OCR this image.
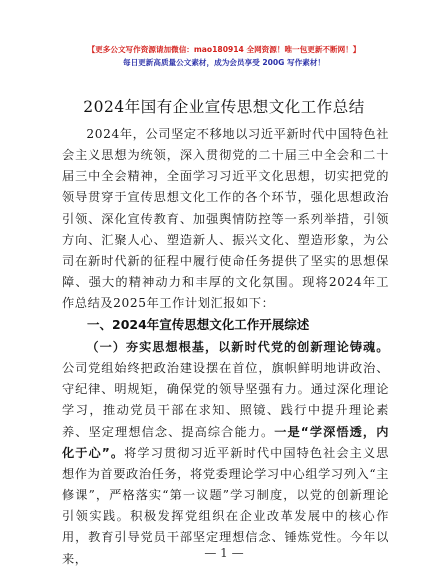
【更多公文写作资源请加微信：mao180914 全网资源！唯一包更新不断网！】
每日更新高质量公文素材，成为会员享受 200G 写作素材！
2024年国有企业宣传思想文化工作总结

2024年，公司坚定不移地以习近平新时代中国特色社会主义思想为统领，深入贯彻党的二十届三中全会和二十届三中全会精神，全面学习习近平文化思想，切实把党的领导贯穿于宣传思想文化工作的各个环节，强化思想政治引领、深化宣传教育、加强舆情防控等一系列举措，引领方向、汇聚人心、塑造新人、振兴文化、塑造形象，为公司在新时代新的征程中履行使命任务提供了坚实的思想保障、强大的精神动力和丰厚的文化氛围。现将2024年工作总结及2025年工作计划汇报如下：

一、2024年宣传思想文化工作开展综述

（一）夯实思想根基，以新时代党的创新理论铸魂。公司党组始终把政治建设摆在首位，旗帜鲜明地讲政治、守纪律、明规矩，确保党的领导坚强有力。通过深化理论学习，推动党员干部在求知、照镜、践行中提升理论素养、坚定理想信念、提高综合能力。一是“学深悟透，内化于心”。将学习贯彻习近平新时代中国特色社会主义思想作为首要政治任务，将党委理论学习中心组学习列入“主修课”，严格落实“第一议题”学习制度，以党的创新理论引领实践。积极发挥党组织在企业改革发展中的核心作用，教育引导党员干部坚定理想信念、锤炼党性。今年以来，	— 1 —
